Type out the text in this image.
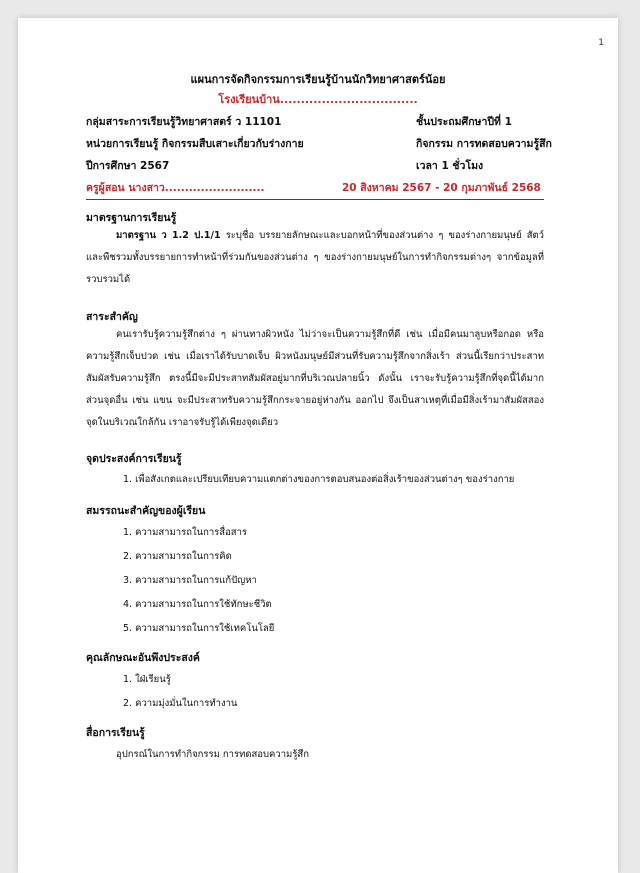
1
แผนการจัดกิจกรรมการเรียนรู้บ้านนักวิทยาศาสตร์น้อย
โรงเรียนบ้าน.................................
กลุ่มสาระการเรียนรู้วิทยาศาสตร์ ว 11101	ชั้นประถมศึกษาปีที่ 1
หน่วยการเรียนรู้ กิจกรรมสืบเสาะเกี่ยวกับร่างกาย	กิจกรรม การทดสอบความรู้สึก
ปีการศึกษา 2567	เวลา 1 ชั่วโมง
ครูผู้สอน นางสาว.........................	20 สิงหาคม 2567 - 20 กุมภาพันธ์ 2568
มาตรฐานการเรียนรู้
มาตรฐาน ว 1.2 ป.1/1 ระบุชื่อ บรรยายลักษณะและบอกหน้าที่ของส่วนต่าง ๆ ของร่างกายมนุษย์ สัตว์และพืชรวมทั้งบรรยายการทำหน้าที่ร่วมกันของส่วนต่าง ๆ ของร่างกายมนุษย์ในการทำกิจกรรมต่างๆ จากข้อมูลที่รวบรวมได้
สาระสำคัญ
คนเรารับรู้ความรู้สึกต่าง ๆ ผ่านทางผิวหนัง ไม่ว่าจะเป็นความรู้สึกที่ดี เช่น เมื่อมีคนมาลูบหรือกอด หรือความรู้สึกเจ็บปวด เช่น เมื่อเราได้รับบาดเจ็บ ผิวหนังมนุษย์มีส่วนที่รับความรู้สึกจากสิ่งเร้า ส่วนนี้เรียกว่าประสาทสัมผัสรับความรู้สึก ตรงนี้มีจะมีประสาทสัมผัสอยู่มากที่บริเวณปลายนิ้ว ดังนั้น เราจะรับรู้ความรู้สึกที่จุดนี้ได้มาก ส่วนจุดอื่น เช่น แขน จะมีประสาทรับความรู้สึกกระจายอยู่ห่างกัน ออกไป จึงเป็นสาเหตุที่เมื่อมีสิ่งเร้ามาสัมผัสสองจุดในบริเวณใกล้กัน เราอาจรับรู้ได้เพียงจุดเดียว
จุดประสงค์การเรียนรู้
1. เพื่อสังเกตและเปรียบเทียบความแตกต่างของการตอบสนองต่อสิ่งเร้าของส่วนต่างๆ ของร่างกาย
สมรรถนะสำคัญของผู้เรียน
1. ความสามารถในการสื่อสาร
2. ความสามารถในการคิด
3. ความสามารถในการแก้ปัญหา
4. ความสามารถในการใช้ทักษะชีวิต
5. ความสามารถในการใช้เทคโนโลยี
คุณลักษณะอันพึงประสงค์
1. ใฝ่เรียนรู้
2. ความมุ่งมั่นในการทำงาน
สื่อการเรียนรู้
อุปกรณ์ในการทำกิจกรรม การทดสอบความรู้สึก
